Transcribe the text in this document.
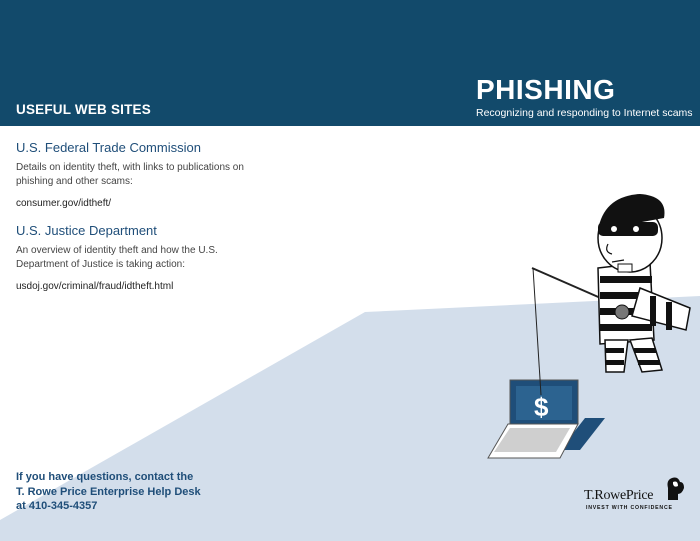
USEFUL WEB SITES
PHISHING
Recognizing and responding to Internet scams
$
U.S. Federal Trade Commission
Details on identity theft, with links to publications on phishing and other scams:
consumer.gov/idtheft/
U.S. Justice Department
An overview of identity theft and how the U.S. Department of Justice is taking action:
usdoj.gov/criminal/fraud/idtheft.html
If you have questions, contact the
T. Rowe Price Enterprise Help Desk
at 410-345-4357
T.RowePrice
INVEST WITH CONFIDENCE
